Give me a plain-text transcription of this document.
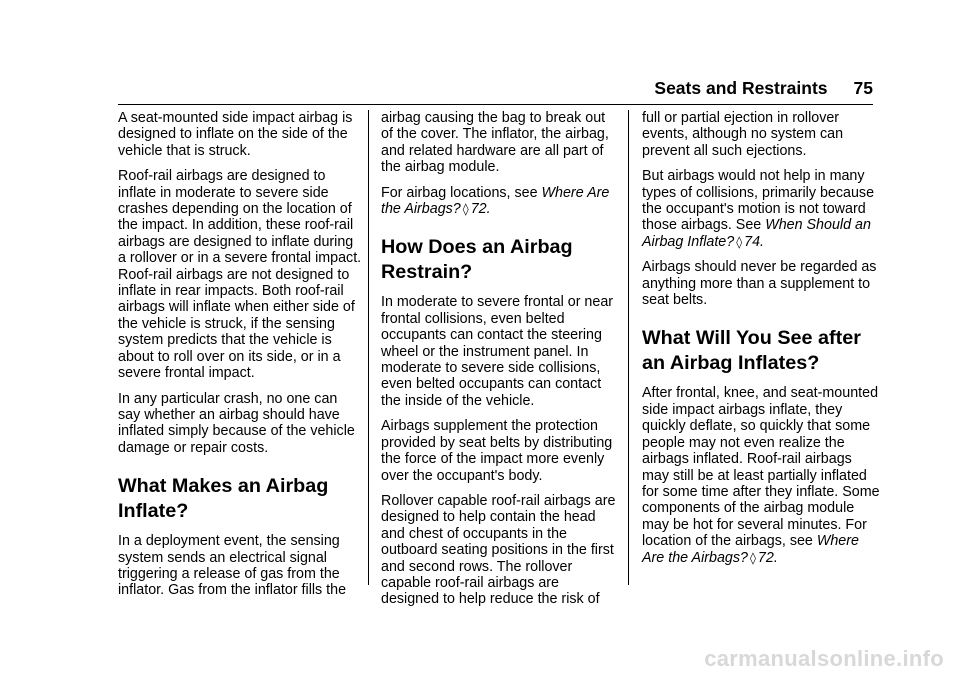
Seats and Restraints 75

A seat-mounted side impact airbag is designed to inflate on the side of the vehicle that is struck.

Roof-rail airbags are designed to inflate in moderate to severe side crashes depending on the location of the impact. In addition, these roof-rail airbags are designed to inflate during a rollover or in a severe frontal impact. Roof-rail airbags are not designed to inflate in rear impacts. Both roof-rail airbags will inflate when either side of the vehicle is struck, if the sensing system predicts that the vehicle is about to roll over on its side, or in a severe frontal impact.

In any particular crash, no one can say whether an airbag should have inflated simply because of the vehicle damage or repair costs.

What Makes an Airbag Inflate?

In a deployment event, the sensing system sends an electrical signal triggering a release of gas from the inflator. Gas from the inflator fills the

airbag causing the bag to break out of the cover. The inflator, the airbag, and related hardware are all part of the airbag module.

For airbag locations, see Where Are the Airbags? ◊ 72.

How Does an Airbag Restrain?

In moderate to severe frontal or near frontal collisions, even belted occupants can contact the steering wheel or the instrument panel. In moderate to severe side collisions, even belted occupants can contact the inside of the vehicle.

Airbags supplement the protection provided by seat belts by distributing the force of the impact more evenly over the occupant's body.

Rollover capable roof-rail airbags are designed to help contain the head and chest of occupants in the outboard seating positions in the first and second rows. The rollover capable roof-rail airbags are designed to help reduce the risk of

full or partial ejection in rollover events, although no system can prevent all such ejections.

But airbags would not help in many types of collisions, primarily because the occupant's motion is not toward those airbags. See When Should an Airbag Inflate? ◊ 74.

Airbags should never be regarded as anything more than a supplement to seat belts.

What Will You See after an Airbag Inflates?

After frontal, knee, and seat-mounted side impact airbags inflate, they quickly deflate, so quickly that some people may not even realize the airbags inflated. Roof-rail airbags may still be at least partially inflated for some time after they inflate. Some components of the airbag module may be hot for several minutes. For location of the airbags, see Where Are the Airbags? ◊ 72.

carmanualsonline.info
